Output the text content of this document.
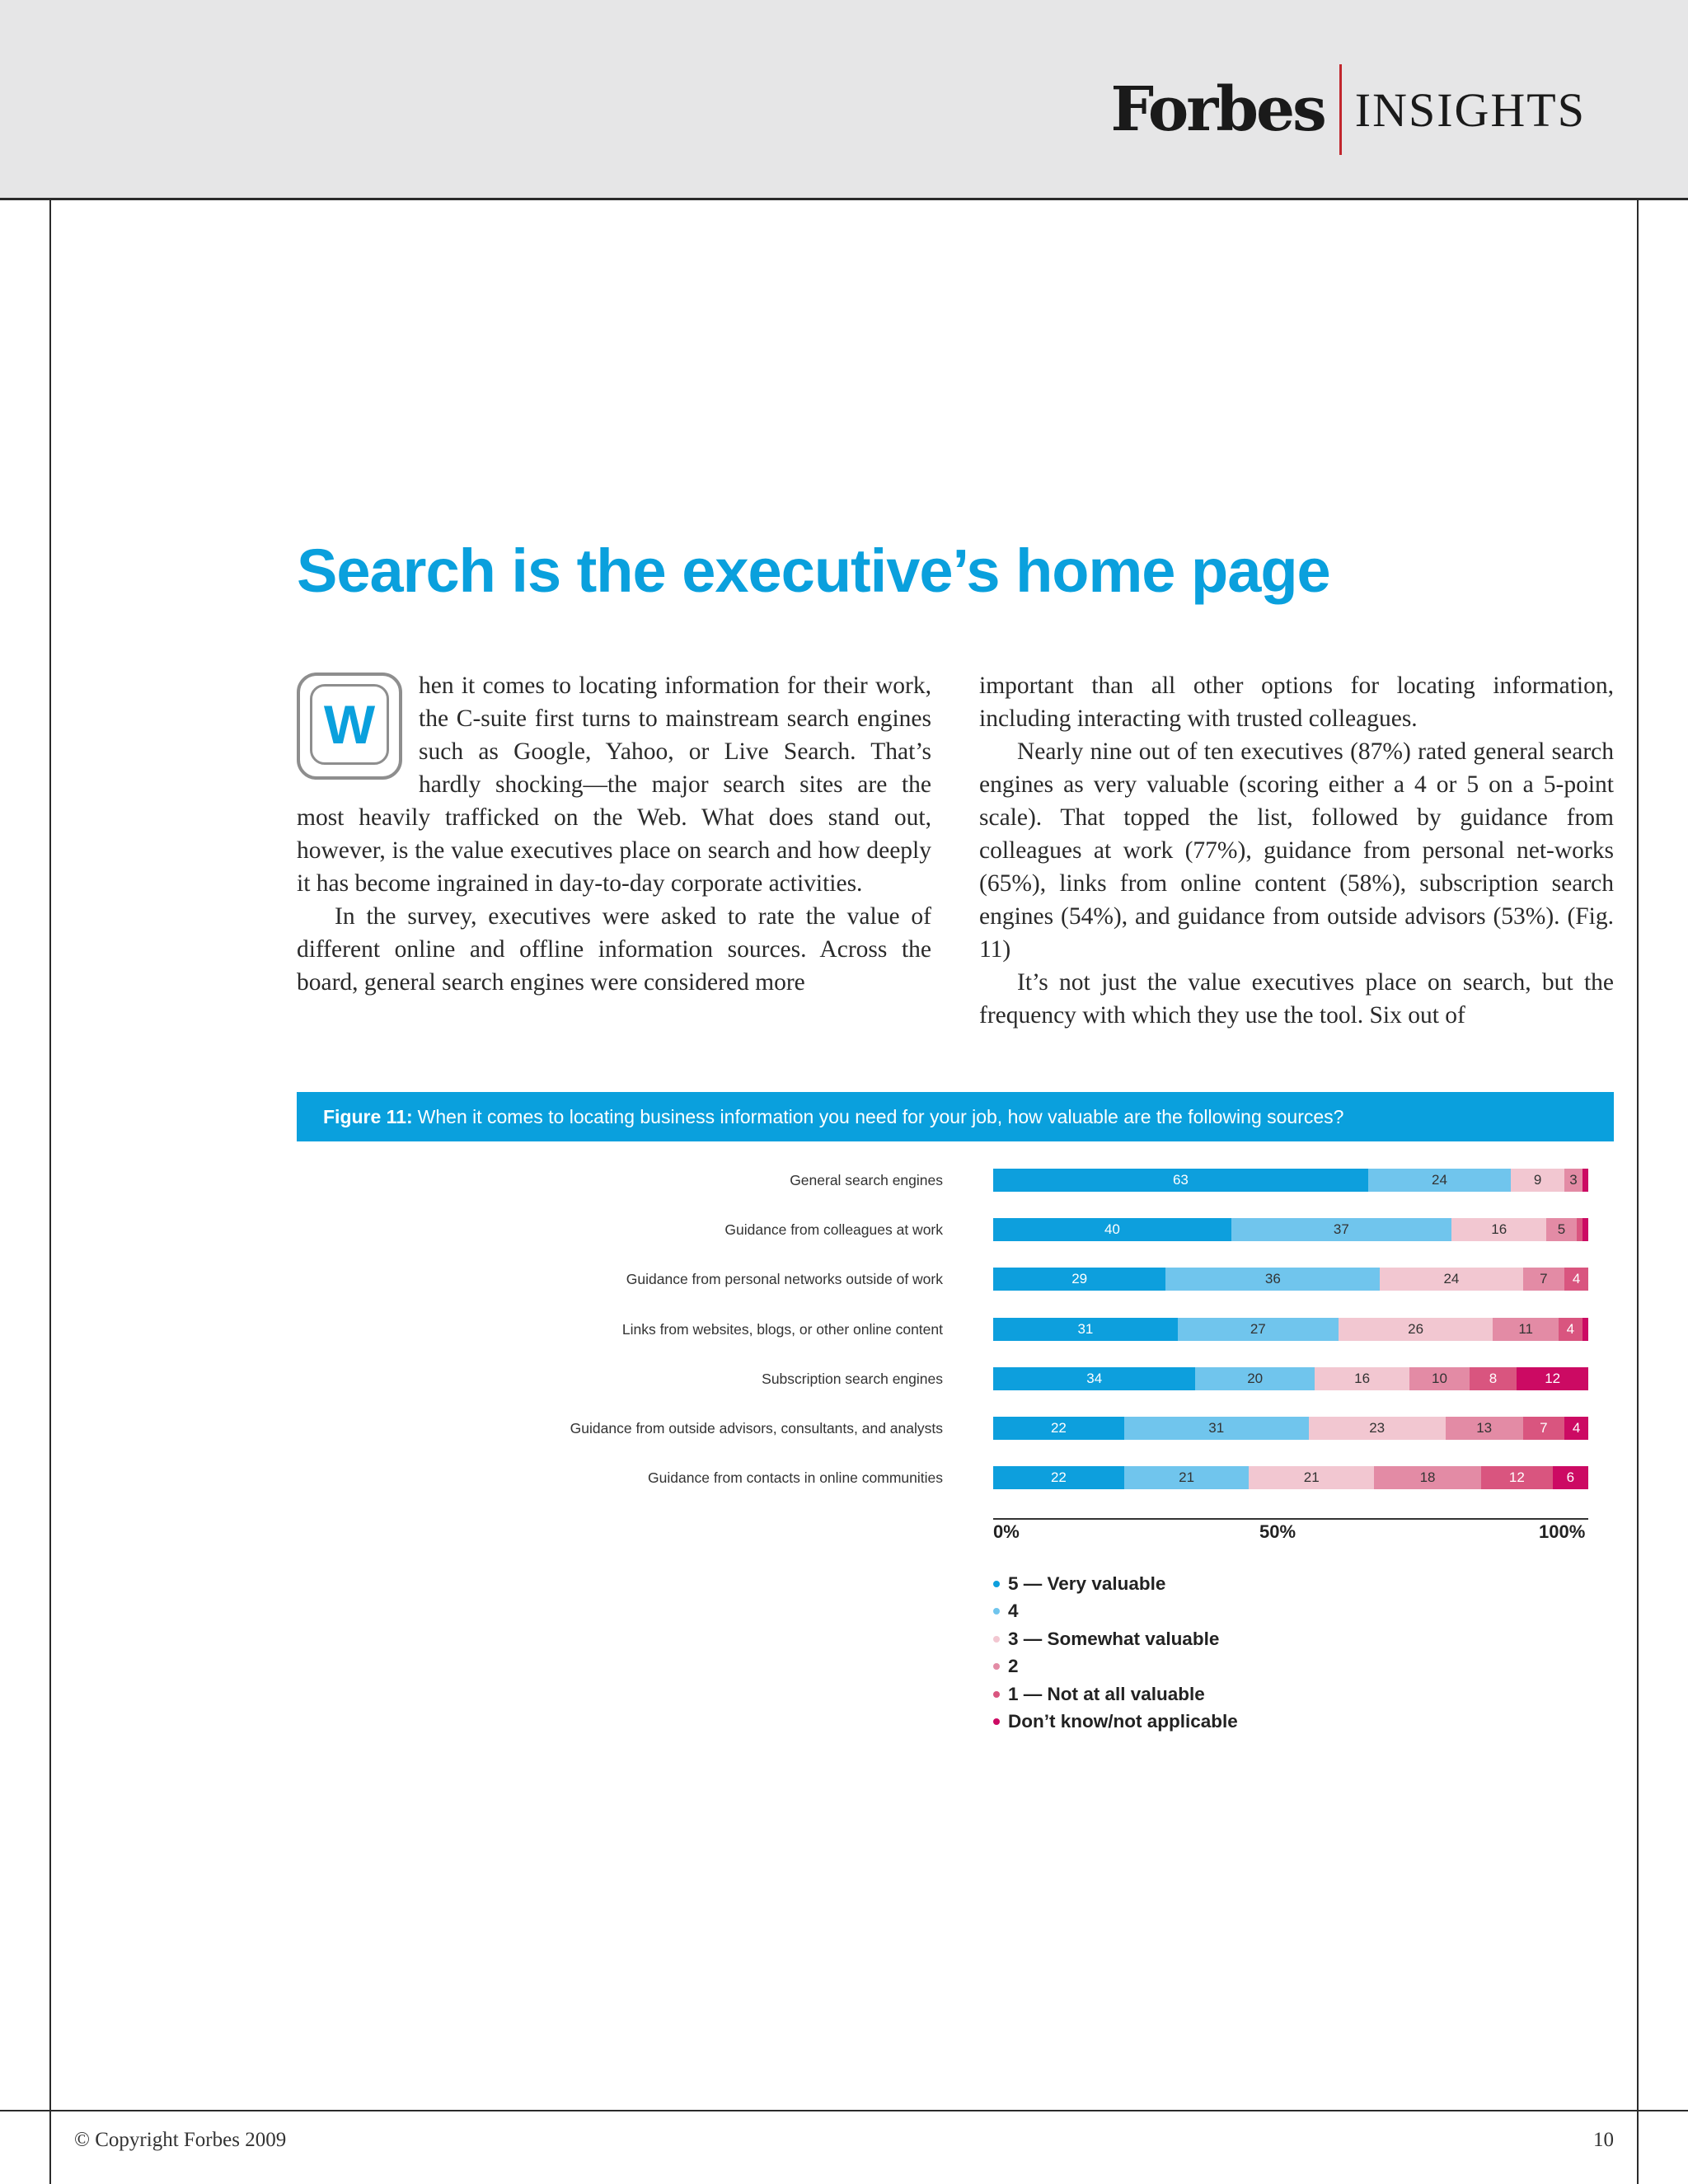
Forbes INSIGHTS
Search is the executive’s home page
W

hen it comes to locating information for their work, the C-suite first turns to mainstream search engines such as Google, Yahoo, or Live Search. That’s hardly shocking—the major search sites are the most heavily trafficked on the Web. What does stand out, however, is the value executives place on search and how deeply it has become ingrained in day-to-day corporate activities.

In the survey, executives were asked to rate the value of different online and offline information sources. Across the board, general search engines were considered more

important than all other options for locating information, including interacting with trusted colleagues.

Nearly nine out of ten executives (87%) rated general search engines as very valuable (scoring either a 4 or 5 on a 5-point scale). That topped the list, followed by guidance from colleagues at work (77%), guidance from personal net-works (65%), links from online content (58%), subscription search engines (54%), and guidance from outside advisors (53%). (Fig. 11)

It’s not just the value executives place on search, but the frequency with which they use the tool. Six out of

Figure 11: When it comes to locating business information you need for your job, how valuable are the following sources?
General search engines	63	24	9	3
Guidance from colleagues at work	40	37	16	5
Guidance from personal networks outside of work	29	36	24	7	4
Links from websites, blogs, or other online content	31	27	26	11	4
Subscription search engines	34	20	16	10	8	12
Guidance from outside advisors, consultants, and analysts	22	31	23	13	7	4
Guidance from contacts in online communities	22	21	21	18	12	6
0%	50%	100%
5 — Very valuable
4
3 — Somewhat valuable
2
1 — Not at all valuable
Don’t know/not applicable
© Copyright Forbes 2009	10
